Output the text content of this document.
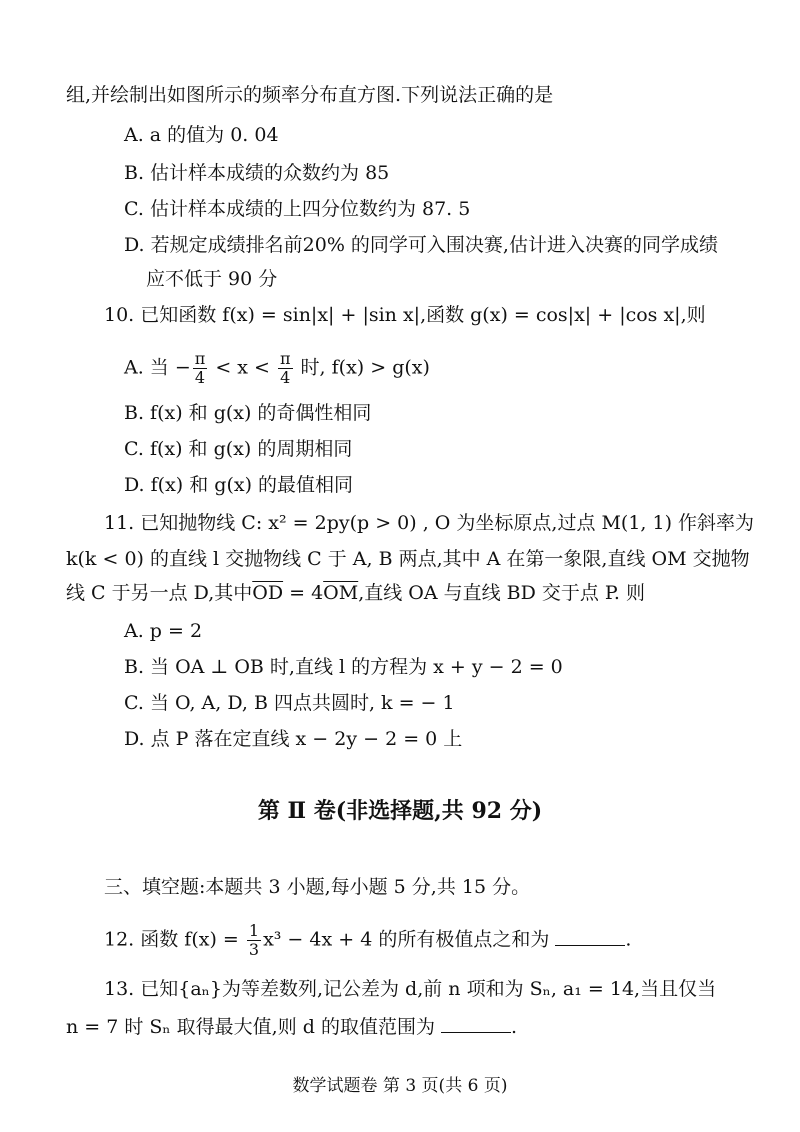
组,并绘制出如图所示的频率分布直方图.下列说法正确的是
A. a 的值为 0. 04
B. 估计样本成绩的众数约为 85
C. 估计样本成绩的上四分位数约为 87. 5
D. 若规定成绩排名前20% 的同学可入围决赛,估计进入决赛的同学成绩
应不低于 90 分
10. 已知函数 f(x) = sin|x| + |sin x|,函数 g(x) = cos|x| + |cos x|,则
A. 当 − $\frac{\pi}{4} < x < \frac{\pi}{4}$ 时, f(x) > g(x)
B. f(x) 和 g(x) 的奇偶性相同
C. f(x) 和 g(x) 的周期相同
D. f(x) 和 g(x) 的最值相同
11. 已知抛物线 C: x² = 2py(p > 0) , O 为坐标原点,过点 M(1, 1) 作斜率为
k(k < 0) 的直线 l 交抛物线 C 于 A, B 两点,其中 A 在第一象限,直线 OM 交抛物
线 C 于另一点 D,其中$\overline{OD} = 4\overline{OM}$,直线 OA 与直线 BD 交于点 P. 则
A. p = 2
B. 当 OA ⊥ OB 时,直线 l 的方程为 x + y − 2 = 0
C. 当 O, A, D, B 四点共圆时, k = − 1
D. 点 P 落在定直线 x − 2y − 2 = 0 上
第 Ⅱ 卷(非选择题,共 92 分)
三、填空题:本题共 3 小题,每小题 5 分,共 15 分。
12. 函数 $f(x) = \frac{1}{3} x^3 - 4x + 4$ 的所有极值点之和为	.
13. 已知{aₙ}为等差数列,记公差为 d,前 n 项和为 Sₙ, a₁ = 14,当且仅当
n = 7 时 Sₙ 取得最大值,则 d 的取值范围为	.
数学试题卷 第 3 页(共 6 页)
